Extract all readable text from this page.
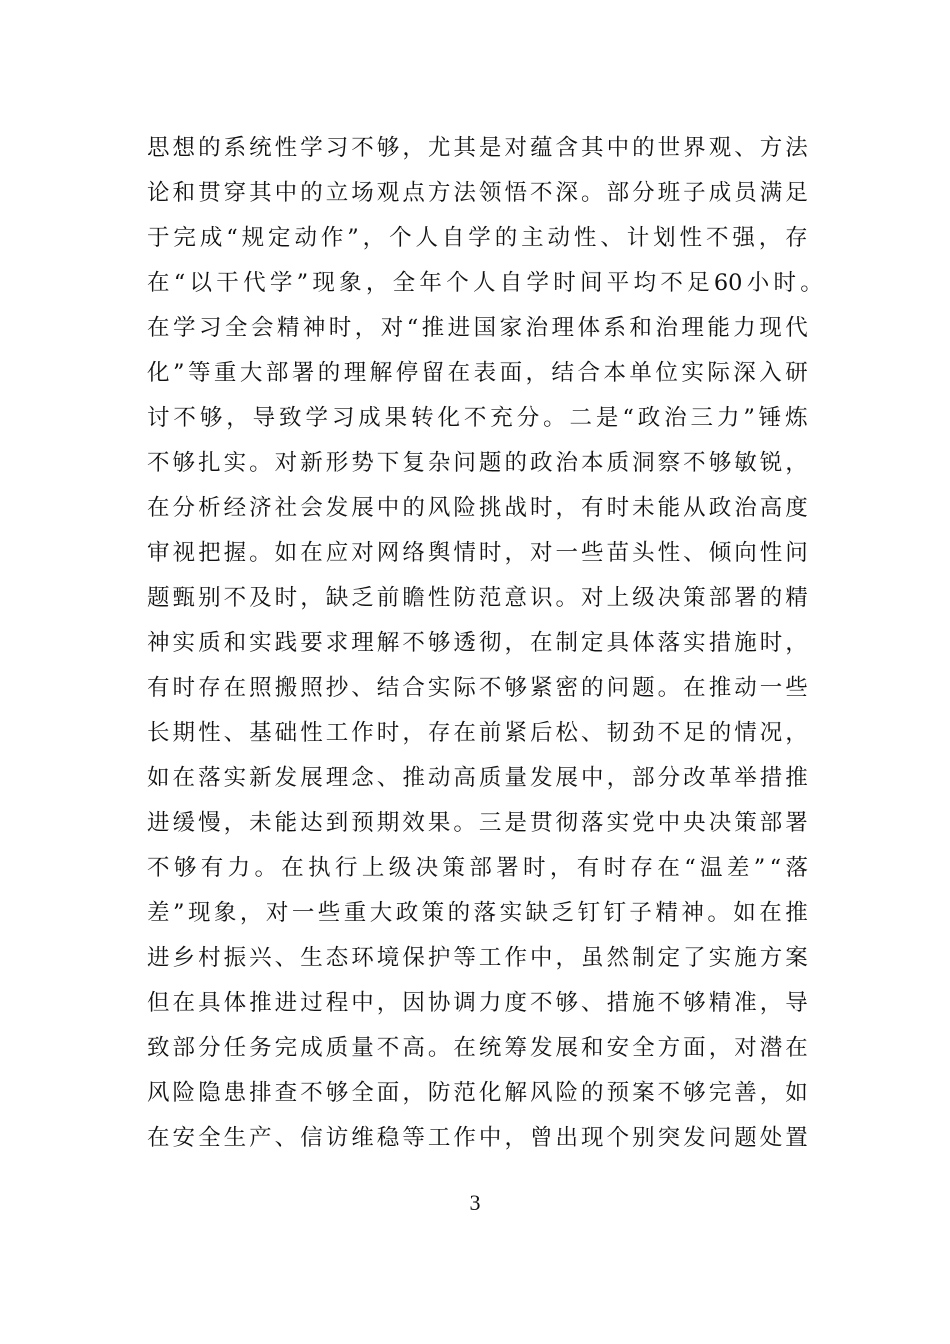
思 想 的 系 统 性 学 习 不 够 ， 尤 其 是 对 蕴 含 其 中 的 世 界 观 、 方 法
论 和 贯 穿 其 中 的 立 场 观 点 方 法 领 悟 不 深 。 部 分 班 子 成 员 满 足
于 完 成 “ 规 定 动 作 ” ， 个 人 自 学 的 主 动 性 、 计 划 性 不 强 ， 存
在 “ 以 干 代 学 ” 现 象 ， 全 年 个 人 自 学 时 间 平 均 不 足 60 小 时 。
在 学 习 全 会 精 神 时 ， 对 “ 推 进 国 家 治 理 体 系 和 治 理 能 力 现 代
化 ” 等 重 大 部 署 的 理 解 停 留 在 表 面 ， 结 合 本 单 位 实 际 深 入 研
讨 不 够 ， 导 致 学 习 成 果 转 化 不 充 分 。 二 是 “ 政 治 三 力 ” 锤 炼
不 够 扎 实 。 对 新 形 势 下 复 杂 问 题 的 政 治 本 质 洞 察 不 够 敏 锐 ，
在 分 析 经 济 社 会 发 展 中 的 风 险 挑 战 时 ， 有 时 未 能 从 政 治 高 度
审 视 把 握 。 如 在 应 对 网 络 舆 情 时 ， 对 一 些 苗 头 性 、 倾 向 性 问
题 甄 别 不 及 时 ， 缺 乏 前 瞻 性 防 范 意 识 。 对 上 级 决 策 部 署 的 精
神 实 质 和 实 践 要 求 理 解 不 够 透 彻 ， 在 制 定 具 体 落 实 措 施 时 ，
有 时 存 在 照 搬 照 抄 、 结 合 实 际 不 够 紧 密 的 问 题 。 在 推 动 一 些
长 期 性 、 基 础 性 工 作 时 ， 存 在 前 紧 后 松 、 韧 劲 不 足 的 情 况 ，
如 在 落 实 新 发 展 理 念 、 推 动 高 质 量 发 展 中 ， 部 分 改 革 举 措 推
进 缓 慢 ， 未 能 达 到 预 期 效 果 。 三 是 贯 彻 落 实 党 中 央 决 策 部 署
不 够 有 力 。 在 执 行 上 级 决 策 部 署 时 ， 有 时 存 在 “ 温 差 ” “ 落
差 ” 现 象 ， 对 一 些 重 大 政 策 的 落 实 缺 乏 钉 钉 子 精 神 。 如 在 推
进 乡 村 振 兴 、 生 态 环 境 保 护 等 工 作 中 ， 虽 然 制 定 了 实 施 方 案
但 在 具 体 推 进 过 程 中 ， 因 协 调 力 度 不 够 、 措 施 不 够 精 准 ， 导
致 部 分 任 务 完 成 质 量 不 高 。 在 统 筹 发 展 和 安 全 方 面 ， 对 潜 在
风 险 隐 患 排 查 不 够 全 面 ， 防 范 化 解 风 险 的 预 案 不 够 完 善 ， 如
在 安 全 生 产 、 信 访 维 稳 等 工 作 中 ， 曾 出 现 个 别 突 发 问 题 处 置
3
